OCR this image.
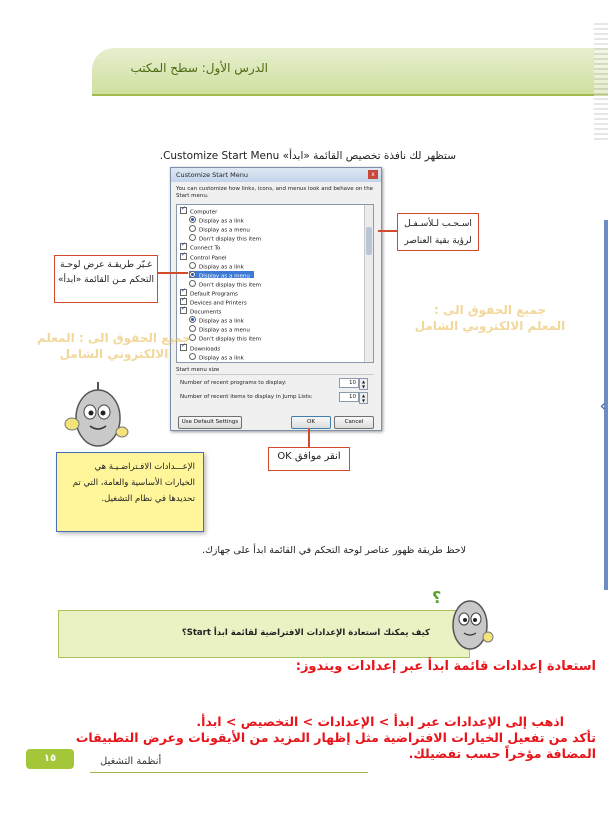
الدرس الأول: سطح المكتب
‹
ستظهر لك نافذة تخصيص القائمة «ابدأ» Customize Start Menu.
Customize Start Menu	x
You can customize how links, icons, and menus look and behave on the Start menu.
✓Computer
Display as a link
Display as a menu
Don't display this item
✓Connect To
✓Control Panel
Display as a link
Display as a menu
Don't display this item
✓Default Programs
✓Devices and Printers
✓Documents
Display as a link
Display as a menu
Don't display this item
✓Downloads
Display as a link
Start menu size
Number of recent programs to display:	10	▲
▼
Number of recent items to display in Jump Lists:	10	▲
▼
Use Default Settings	OK	Cancel
اسـحـب لـلأسـفـل لرؤية بقية العناصر
غـيّر طريقـة عرض لوحـة التحكم مـن القائمة «ابدأ»
انقر موافق OK
جميع الحقوق الى :
المعلم الالكتروني الشامل
جميع الحقوق الى : المعلم
الالكتروني الشامل
الإعـــدادات الافـتراضـيـة هي الخيارات الأساسية والعامة، التي تم تحديدها في نظام التشغيل.
لاحظ طريقة ظهور عناصر لوحة التحكم في القائمة ابدأ على جهازك.
كيف يمكنك استعادة الإعدادات الافتراضية لقائمة ابدأ Start؟
؟
استعادة إعدادات قائمة ابدأ عبر إعدادات ويندوز:
اذهب إلى الإعدادات عبر ابدأ > الإعدادات > التخصيص > ابدأ.
تأكد من تفعيل الخيارات الافتراضية مثل إظهار المزيد من الأيقونات وعرض التطبيقات المضافة مؤخراً حسب تفضيلك.
١٥	أنظمة التشغيل
